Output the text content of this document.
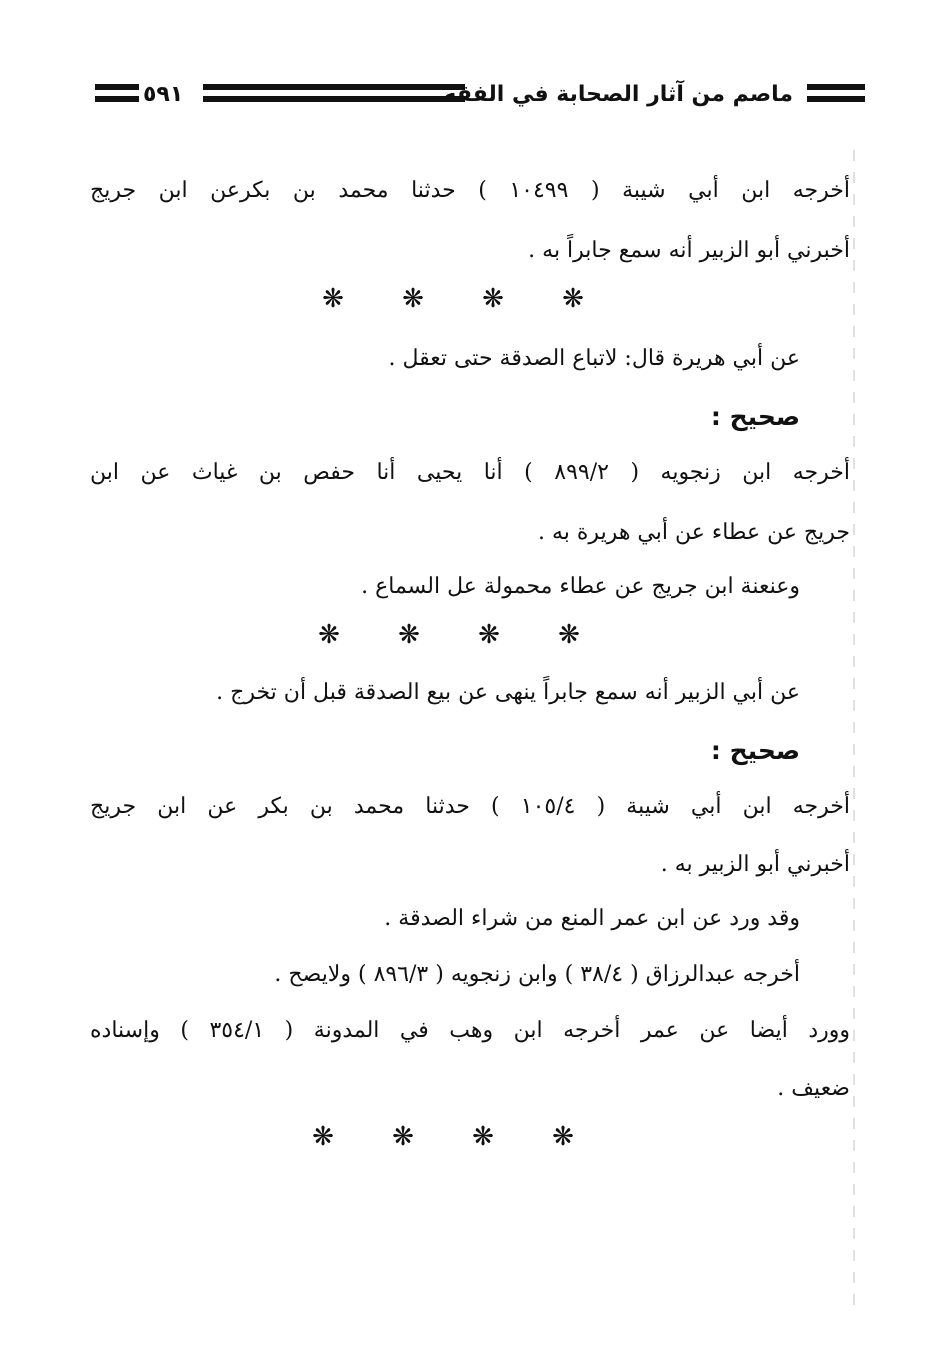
٥٩١	ماصم من آثار الصحابة في الفقه
أخرجه ابن أبي شيبة ( ١٠٤٩٩ ) حدثنا محمد بن بكرعن ابن جريج
أخبرني أبو الزبير أنه سمع جابراً به .
❋ ❋ ❋ ❋
عن أبي هريرة قال: لاتباع الصدقة حتى تعقل .
صحيح :
أخرجه ابن زنجويه ( ٨٩٩/٢ ) أنا يحيى أنا حفص بن غياث عن ابن
جريج عن عطاء عن أبي هريرة به .
وعنعنة ابن جريج عن عطاء محمولة عل السماع .
❋ ❋ ❋ ❋
عن أبي الزبير أنه سمع جابراً ينهى عن بيع الصدقة قبل أن تخرج .
صحيح :
أخرجه ابن أبي شيبة ( ١٠٥/٤ ) حدثنا محمد بن بكر عن ابن جريج
أخبرني أبو الزبير به .
وقد ورد عن ابن عمر المنع من شراء الصدقة .
أخرجه عبدالرزاق ( ٣٨/٤ ) وابن زنجويه ( ٨٩٦/٣ ) ولايصح .
وورد أيضا عن عمر أخرجه ابن وهب في المدونة ( ٣٥٤/١ ) وإسناده
ضعيف .
❋ ❋ ❋ ❋
